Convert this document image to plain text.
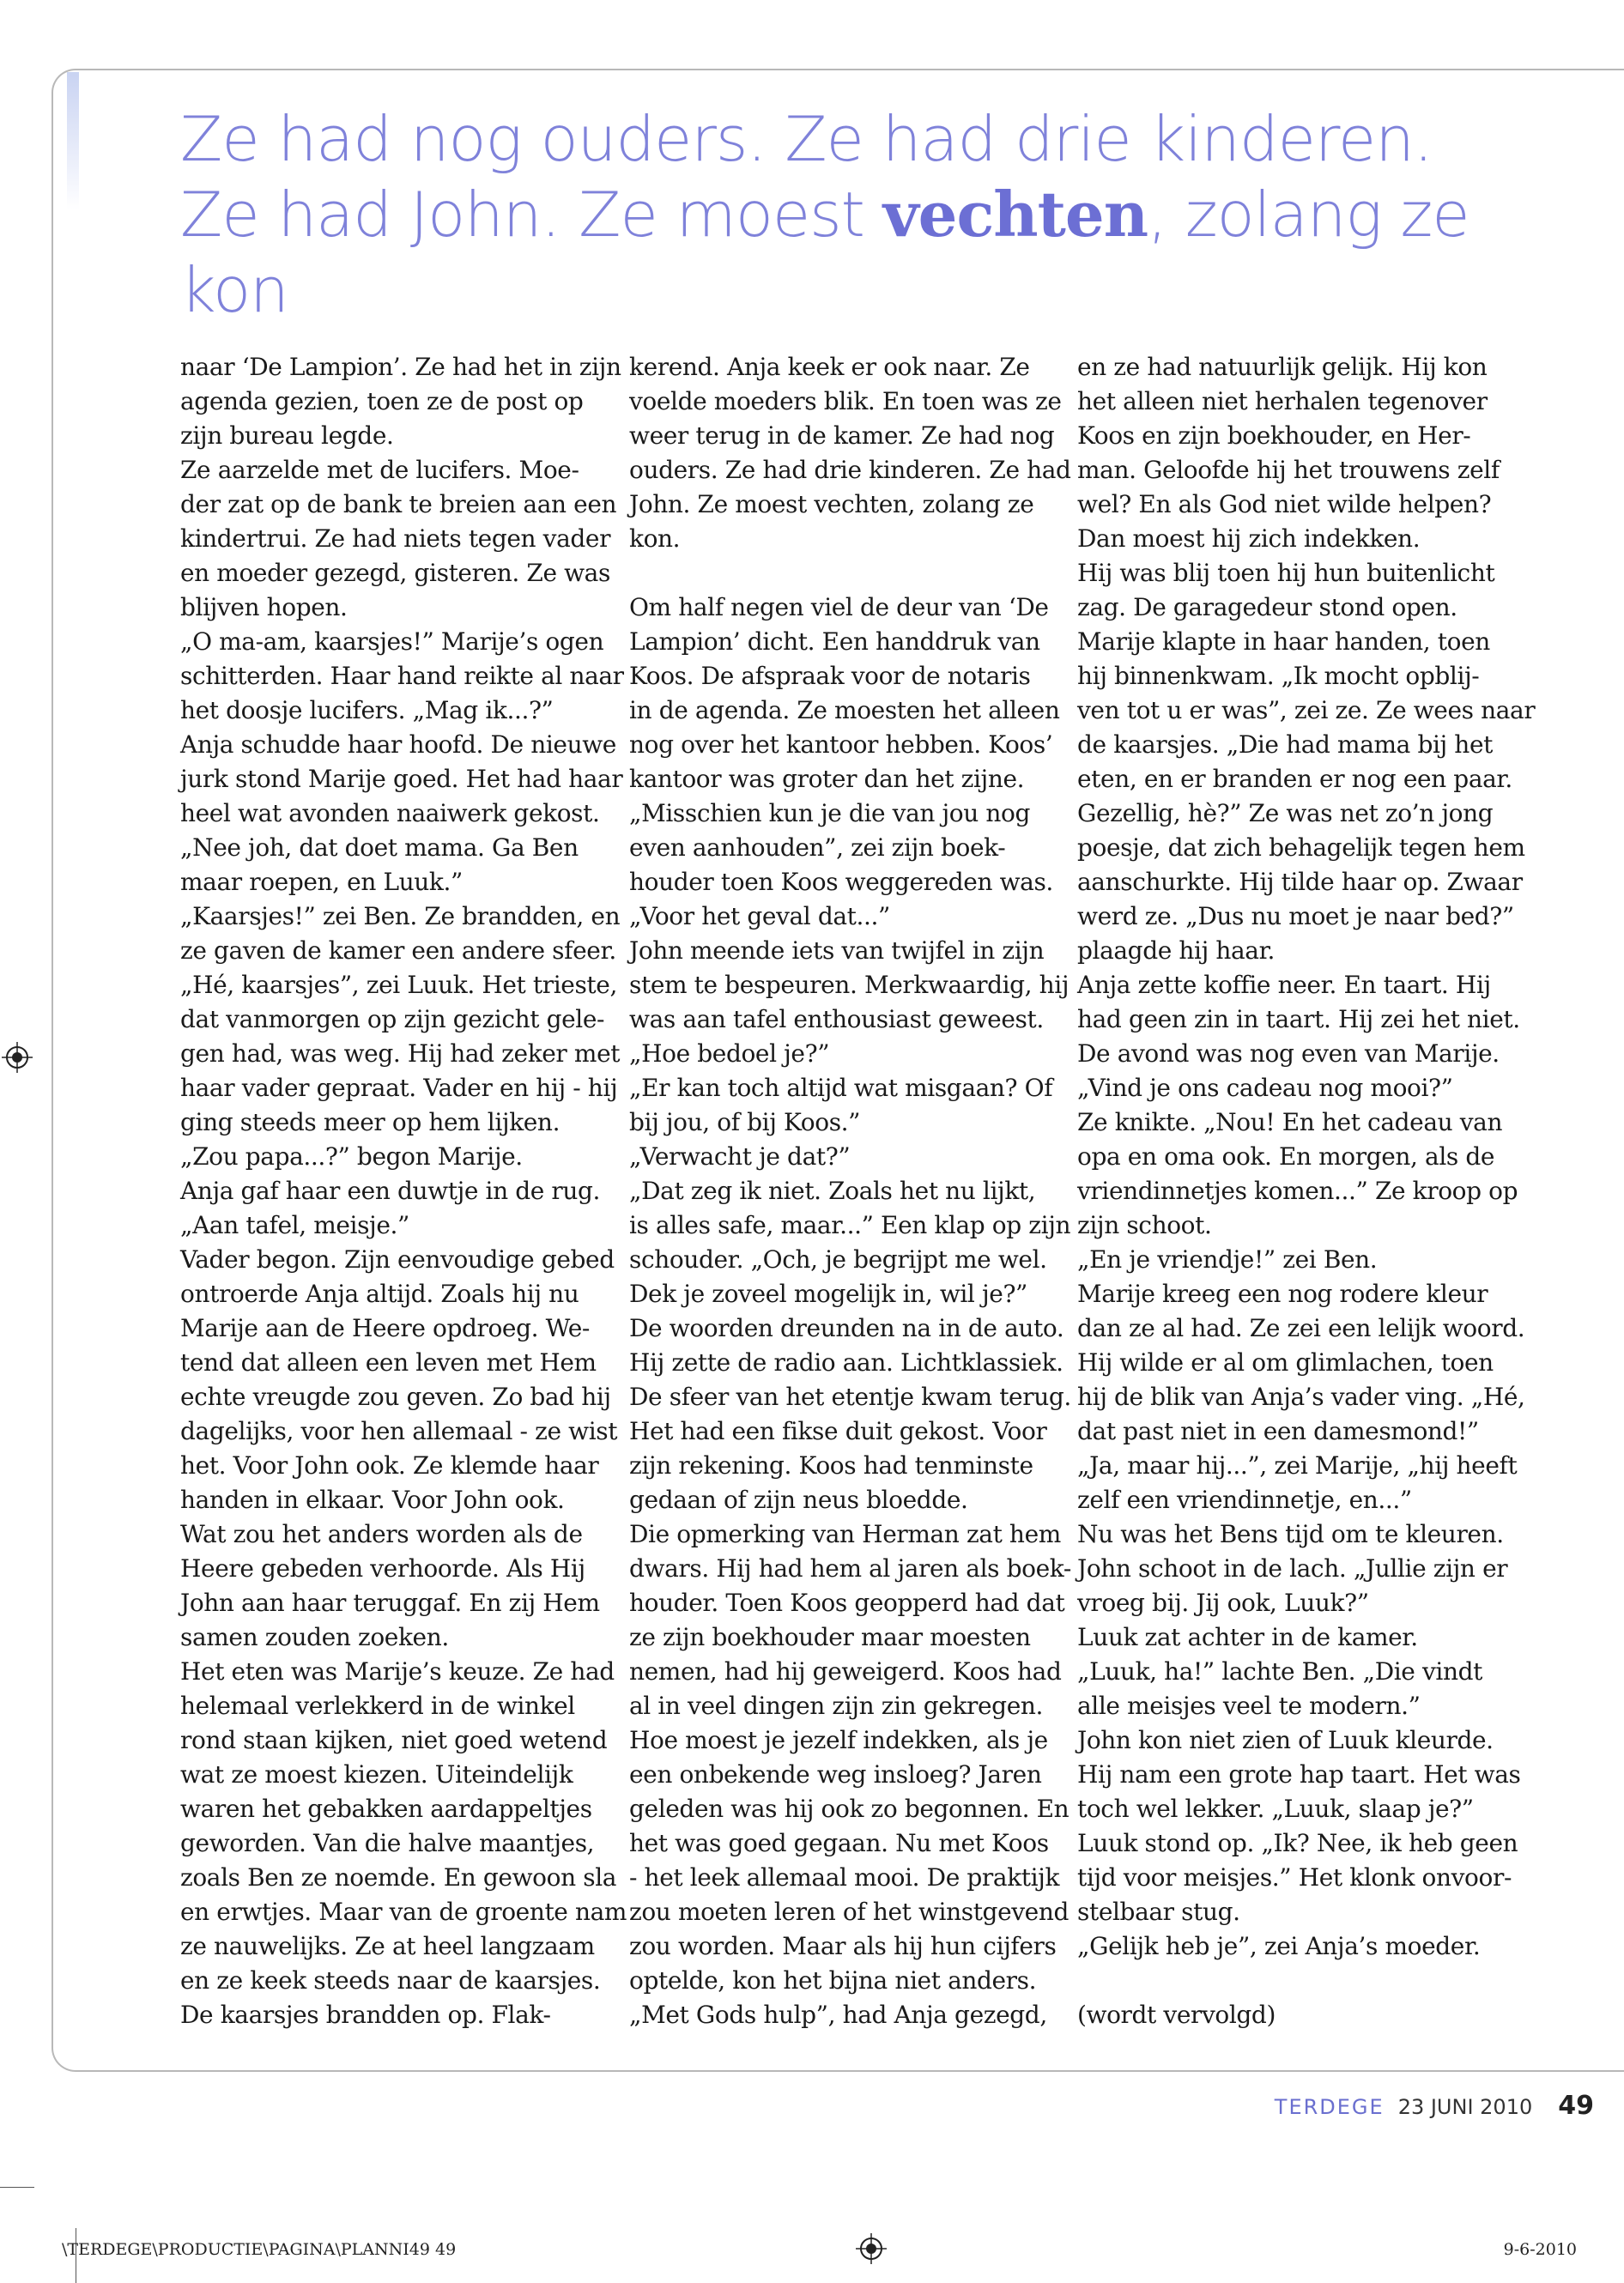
Ze had nog ouders. Ze had drie kinderen. Ze had John. Ze moest vechten, zolang ze kon
naar ‘De Lampion’. Ze had het in zijn
agenda gezien, toen ze de post op
zijn bureau legde.
Ze aarzelde met de lucifers. Moe-
der zat op de bank te breien aan een
kindertrui. Ze had niets tegen vader
en moeder gezegd, gisteren. Ze was
blijven hopen.
„O ma-am, kaarsjes!” Marije’s ogen
schitterden. Haar hand reikte al naar
het doosje lucifers. „Mag ik...?”
Anja schudde haar hoofd. De nieuwe
jurk stond Marije goed. Het had haar
heel wat avonden naaiwerk gekost.
„Nee joh, dat doet mama. Ga Ben
maar roepen, en Luuk.”
„Kaarsjes!” zei Ben. Ze brandden, en
ze gaven de kamer een andere sfeer.
„Hé, kaarsjes”, zei Luuk. Het trieste,
dat vanmorgen op zijn gezicht gele-
gen had, was weg. Hij had zeker met
haar vader gepraat. Vader en hij - hij
ging steeds meer op hem lijken.
„Zou papa...?” begon Marije.
Anja gaf haar een duwtje in de rug.
„Aan tafel, meisje.”
Vader begon. Zijn eenvoudige gebed
ontroerde Anja altijd. Zoals hij nu
Marije aan de Heere opdroeg. We-
tend dat alleen een leven met Hem
echte vreugde zou geven. Zo bad hij
dagelijks, voor hen allemaal - ze wist
het. Voor John ook. Ze klemde haar
handen in elkaar. Voor John ook.
Wat zou het anders worden als de
Heere gebeden verhoorde. Als Hij
John aan haar teruggaf. En zij Hem
samen zouden zoeken.
Het eten was Marije’s keuze. Ze had
helemaal verlekkerd in de winkel
rond staan kijken, niet goed wetend
wat ze moest kiezen. Uiteindelijk
waren het gebakken aardappeltjes
geworden. Van die halve maantjes,
zoals Ben ze noemde. En gewoon sla
en erwtjes. Maar van de groente nam
ze nauwelijks. Ze at heel langzaam
en ze keek steeds naar de kaarsjes.
De kaarsjes brandden op. Flak-
kerend. Anja keek er ook naar. Ze
voelde moeders blik. En toen was ze
weer terug in de kamer. Ze had nog
ouders. Ze had drie kinderen. Ze had
John. Ze moest vechten, zolang ze
kon.
Om half negen viel de deur van ‘De
Lampion’ dicht. Een handdruk van
Koos. De afspraak voor de notaris
in de agenda. Ze moesten het alleen
nog over het kantoor hebben. Koos’
kantoor was groter dan het zijne.
„Misschien kun je die van jou nog
even aanhouden”, zei zijn boek-
houder toen Koos weggereden was.
„Voor het geval dat...”
John meende iets van twijfel in zijn
stem te bespeuren. Merkwaardig, hij
was aan tafel enthousiast geweest.
„Hoe bedoel je?”
„Er kan toch altijd wat misgaan? Of
bij jou, of bij Koos.”
„Verwacht je dat?”
„Dat zeg ik niet. Zoals het nu lijkt,
is alles safe, maar...” Een klap op zijn
schouder. „Och, je begrijpt me wel.
Dek je zoveel mogelijk in, wil je?”
De woorden dreunden na in de auto.
Hij zette de radio aan. Lichtklassiek.
De sfeer van het etentje kwam terug.
Het had een fikse duit gekost. Voor
zijn rekening. Koos had tenminste
gedaan of zijn neus bloedde.
Die opmerking van Herman zat hem
dwars. Hij had hem al jaren als boek-
houder. Toen Koos geopperd had dat
ze zijn boekhouder maar moesten
nemen, had hij geweigerd. Koos had
al in veel dingen zijn zin gekregen.
Hoe moest je jezelf indekken, als je
een onbekende weg insloeg? Jaren
geleden was hij ook zo begonnen. En
het was goed gegaan. Nu met Koos
- het leek allemaal mooi. De praktijk
zou moeten leren of het winstgevend
zou worden. Maar als hij hun cijfers
optelde, kon het bijna niet anders.
„Met Gods hulp”, had Anja gezegd,
en ze had natuurlijk gelijk. Hij kon
het alleen niet herhalen tegenover
Koos en zijn boekhouder, en Her-
man. Geloofde hij het trouwens zelf
wel? En als God niet wilde helpen?
Dan moest hij zich indekken.
Hij was blij toen hij hun buitenlicht
zag. De garagedeur stond open.
Marije klapte in haar handen, toen
hij binnenkwam. „Ik mocht opblij-
ven tot u er was”, zei ze. Ze wees naar
de kaarsjes. „Die had mama bij het
eten, en er branden er nog een paar.
Gezellig, hè?” Ze was net zo’n jong
poesje, dat zich behagelijk tegen hem
aanschurkte. Hij tilde haar op. Zwaar
werd ze. „Dus nu moet je naar bed?”
plaagde hij haar.
Anja zette koffie neer. En taart. Hij
had geen zin in taart. Hij zei het niet.
De avond was nog even van Marije.
„Vind je ons cadeau nog mooi?”
Ze knikte. „Nou! En het cadeau van
opa en oma ook. En morgen, als de
vriendinnetjes komen...” Ze kroop op
zijn schoot.
„En je vriendje!” zei Ben.
Marije kreeg een nog rodere kleur
dan ze al had. Ze zei een lelijk woord.
Hij wilde er al om glimlachen, toen
hij de blik van Anja’s vader ving. „Hé,
dat past niet in een damesmond!”
„Ja, maar hij...”, zei Marije, „hij heeft
zelf een vriendinnetje, en...”
Nu was het Bens tijd om te kleuren.
John schoot in de lach. „Jullie zijn er
vroeg bij. Jij ook, Luuk?”
Luuk zat achter in de kamer.
„Luuk, ha!” lachte Ben. „Die vindt
alle meisjes veel te modern.”
John kon niet zien of Luuk kleurde.
Hij nam een grote hap taart. Het was
toch wel lekker. „Luuk, slaap je?”
Luuk stond op. „Ik? Nee, ik heb geen
tijd voor meisjes.” Het klonk onvoor-
stelbaar stug.
„Gelijk heb je”, zei Anja’s moeder.
(wordt vervolgd)
TERDEGE 23 JUNI 2010 49
\TERDEGE\PRODUCTIE\PAGINA\PLANNI49 49	9-6-2010
